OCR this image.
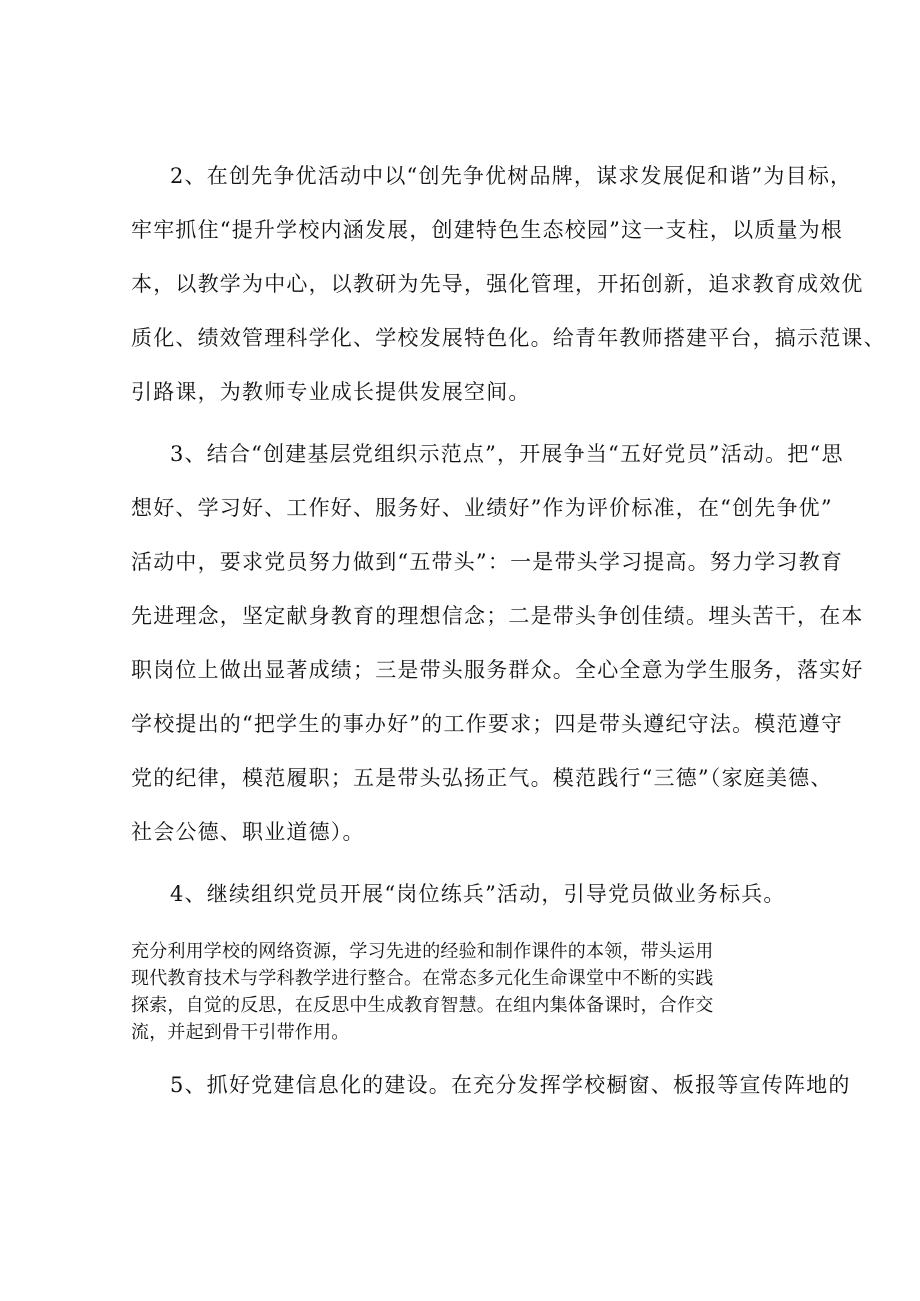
2、在创先争优活动中以“创先争优树品牌，谋求发展促和谐”为目标，
牢牢抓住“提升学校内涵发展，创建特色生态校园”这一支柱，以质量为根
本，以教学为中心，以教研为先导，强化管理，开拓创新，追求教育成效优
质化、绩效管理科学化、学校发展特色化。给青年教师搭建平台，搞示范课、
引路课，为教师专业成长提供发展空间。
3、结合“创建基层党组织示范点”，开展争当“五好党员”活动。把“思
想好、学习好、工作好、服务好、业绩好”作为评价标准，在“创先争优”
活动中，要求党员努力做到“五带头”：一是带头学习提高。努力学习教育
先进理念，坚定献身教育的理想信念；二是带头争创佳绩。埋头苦干，在本
职岗位上做出显著成绩；三是带头服务群众。全心全意为学生服务，落实好
学校提出的“把学生的事办好”的工作要求；四是带头遵纪守法。模范遵守
党的纪律，模范履职；五是带头弘扬正气。模范践行“三德”（家庭美德、
社会公德、职业道德）。
4、继续组织党员开展“岗位练兵”活动，引导党员做业务标兵。
充分利用学校的网络资源，学习先进的经验和制作课件的本领，带头运用
现代教育技术与学科教学进行整合。在常态多元化生命课堂中不断的实践
探索，自觉的反思，在反思中生成教育智慧。在组内集体备课时，合作交
流，并起到骨干引带作用。
5、抓好党建信息化的建设。在充分发挥学校橱窗、板报等宣传阵地的
